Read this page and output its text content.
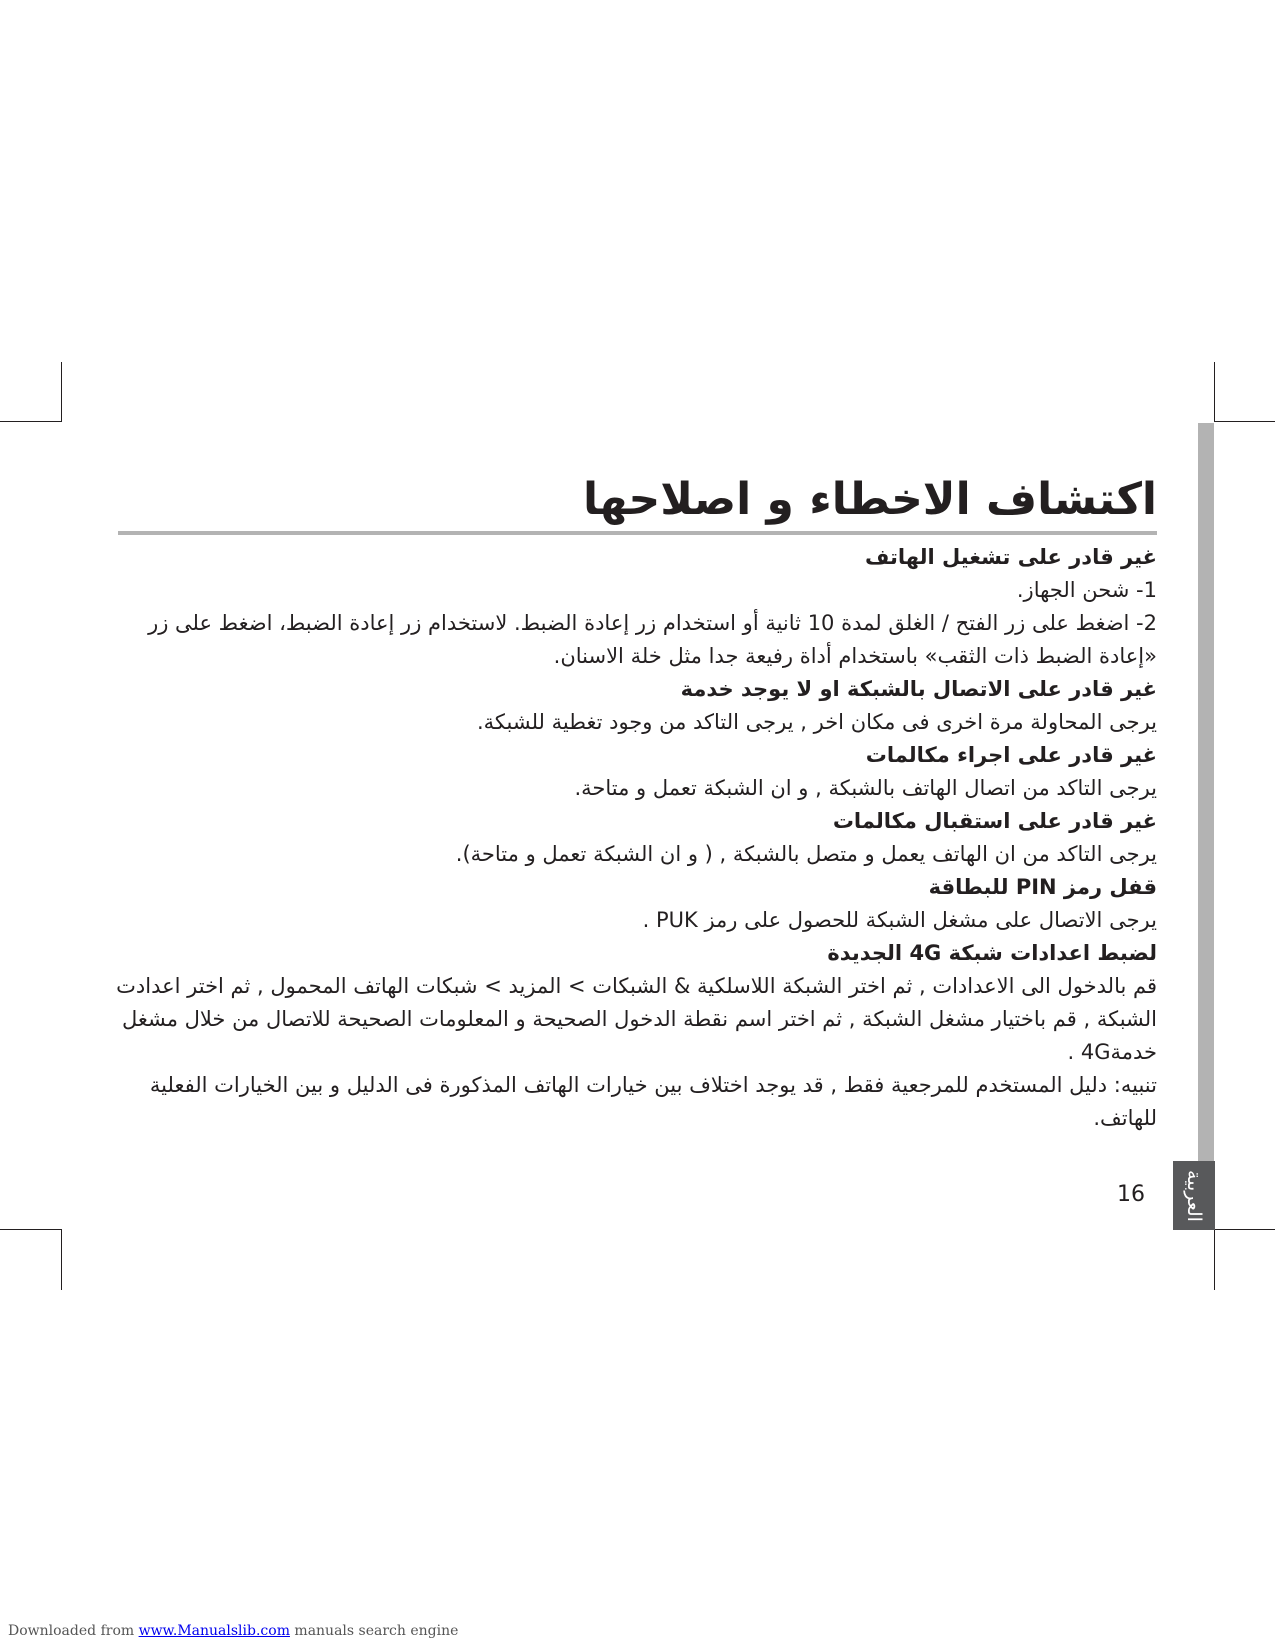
العربية
اكتشاف الاخطاء و اصلاحها

غير قادر على تشغيل الهاتف

1- شحن الجهاز.

2- اضغط على زر الفتح / الغلق لمدة 10 ثانية أو استخدام زر إعادة الضبط. لاستخدام زر إعادة الضبط، اضغط على زر «إعادة الضبط ذات الثقب» باستخدام أداة رفيعة جدا مثل خلة الاسنان.

غير قادر على الاتصال بالشبكة او لا يوجد خدمة

يرجى المحاولة مرة اخرى فى مكان اخر , يرجى التاكد من وجود تغطية للشبكة.

غير قادر على اجراء مكالمات

يرجى التاكد من اتصال الهاتف بالشبكة , و ان الشبكة تعمل و متاحة.

غير قادر على استقبال مكالمات

يرجى التاكد من ان الهاتف يعمل و متصل بالشبكة , ( و ان الشبكة تعمل و متاحة).

قفل رمز PIN للبطاقة

يرجى الاتصال على مشغل الشبكة للحصول على رمز PUK .

لضبط اعدادات شبكة 4G الجديدة

قم بالدخول الى الاعدادات , ثم اختر الشبكة اللاسلكية & الشبكات > المزيد > شبكات الهاتف المحمول , ثم اختر اعدادت الشبكة , قم باختيار مشغل الشبكة , ثم اختر اسم نقطة الدخول الصحيحة و المعلومات الصحيحة للاتصال من خلال مشغل خدمة4G .

تنبيه: دليل المستخدم للمرجعية فقط , قد يوجد اختلاف بين خيارات الهاتف المذكورة فى الدليل و بين الخيارات الفعلية للهاتف.

16
Downloaded from www.Manualslib.com manuals search engine
